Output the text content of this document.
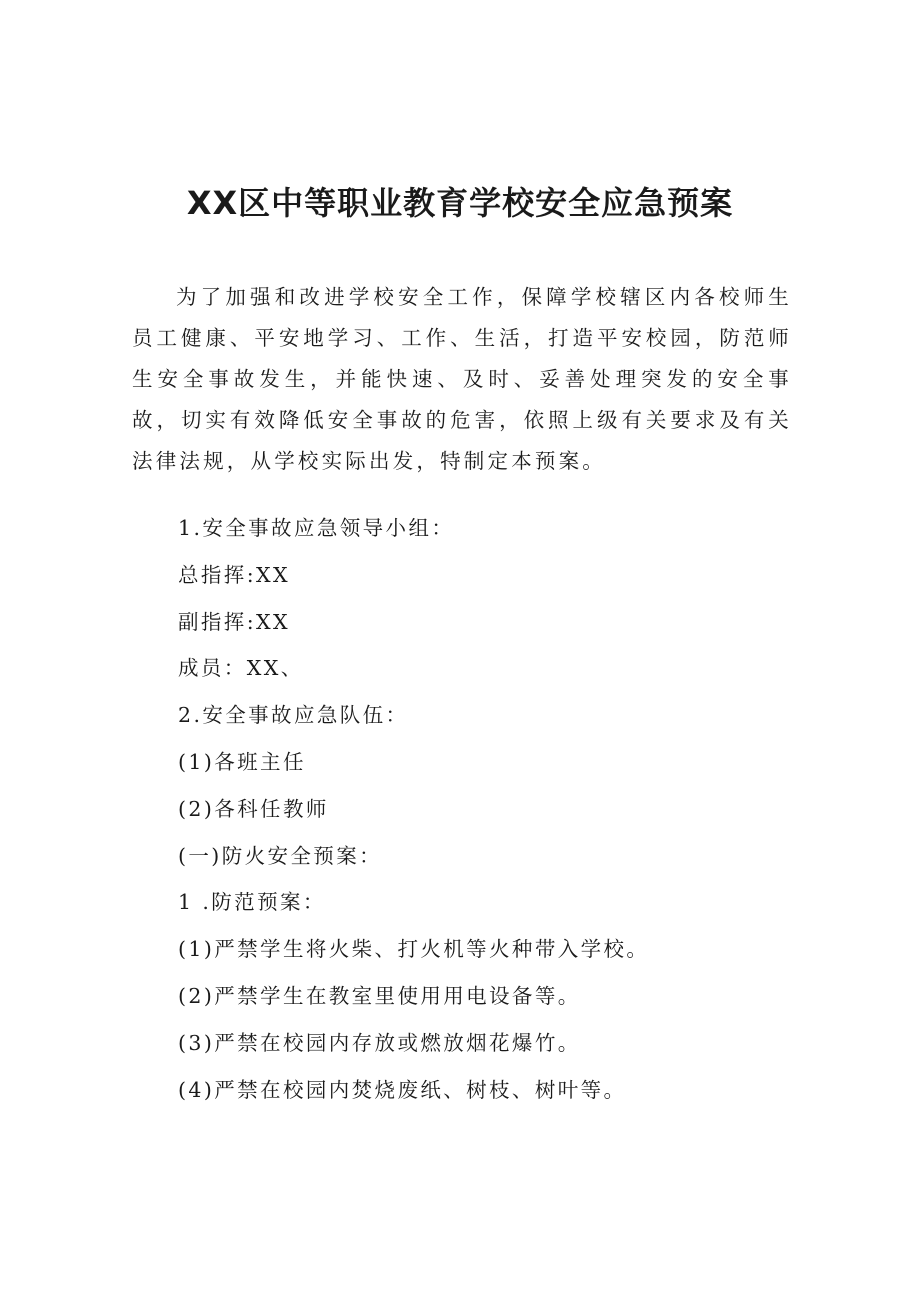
XX区中等职业教育学校安全应急预案

为了加强和改进学校安全工作，保障学校辖区内各校师生员工健康、平安地学习、工作、生活，打造平安校园，防范师生安全事故发生，并能快速、及时、妥善处理突发的安全事故，切实有效降低安全事故的危害，依照上级有关要求及有关法律法规，从学校实际出发，特制定本预案。

1.安全事故应急领导小组：
总指挥:XX
副指挥:XX
成员：XX、
2.安全事故应急队伍：
(1)各班主任
(2)各科任教师
(一)防火安全预案：
1 .防范预案：
(1)严禁学生将火柴、打火机等火种带入学校。
(2)严禁学生在教室里使用用电设备等。
(3)严禁在校园内存放或燃放烟花爆竹。
(4)严禁在校园内焚烧废纸、树枝、树叶等。
